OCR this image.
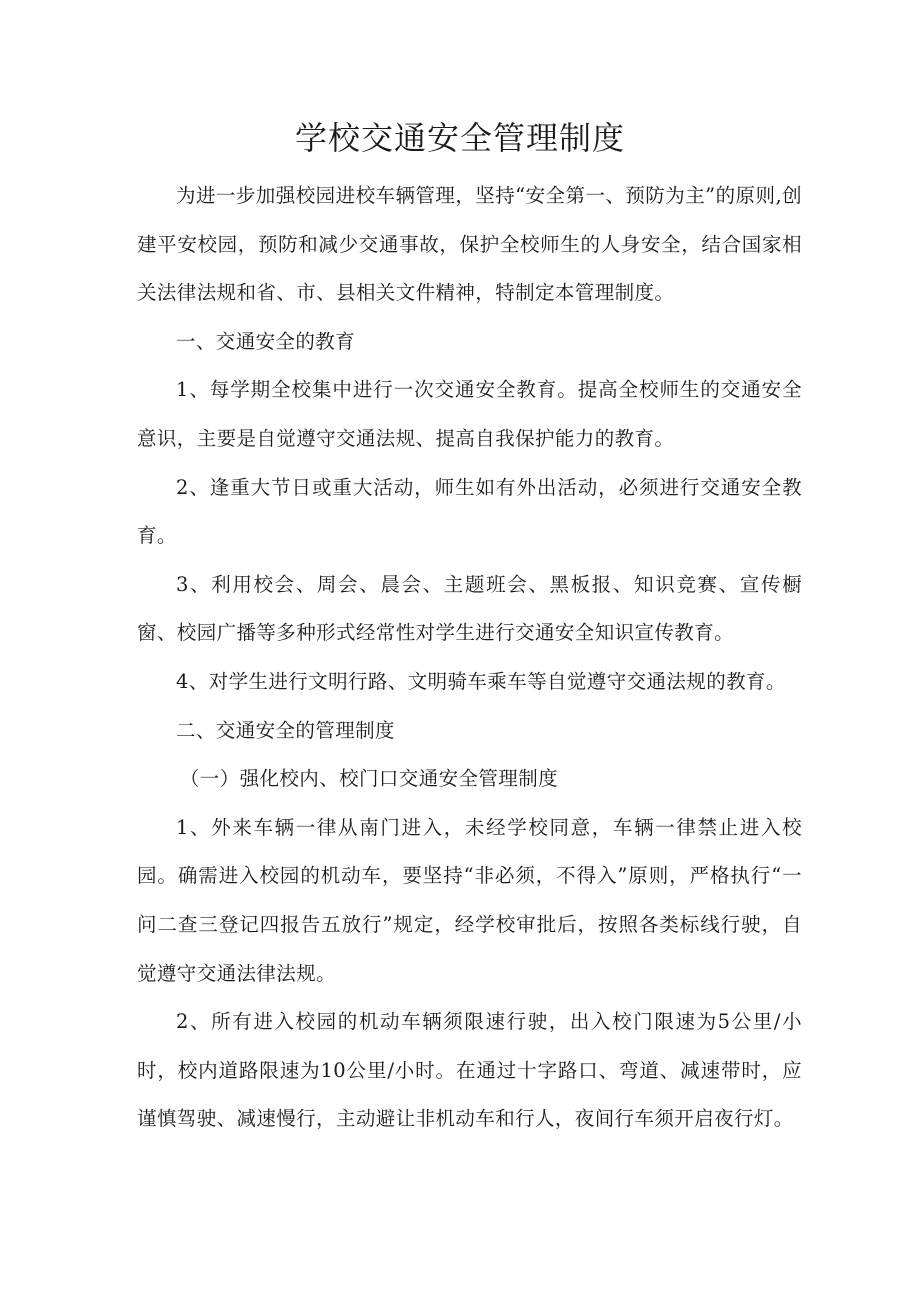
学校交通安全管理制度

为进一步加强校园进校车辆管理，坚持“安全第一、预防为主”的原则,创建平安校园，预防和减少交通事故，保护全校师生的人身安全，结合国家相关法律法规和省、市、县相关文件精神，特制定本管理制度。

一、交通安全的教育

1、每学期全校集中进行一次交通安全教育。提高全校师生的交通安全意识，主要是自觉遵守交通法规、提高自我保护能力的教育。

2、逢重大节日或重大活动，师生如有外出活动，必须进行交通安全教育。

3、利用校会、周会、晨会、主题班会、黑板报、知识竞赛、宣传橱窗、校园广播等多种形式经常性对学生进行交通安全知识宣传教育。

4、对学生进行文明行路、文明骑车乘车等自觉遵守交通法规的教育。

二、交通安全的管理制度

（一）强化校内、校门口交通安全管理制度

1、外来车辆一律从南门进入，未经学校同意，车辆一律禁止进入校园。确需进入校园的机动车，要坚持“非必须，不得入”原则，严格执行“一问二查三登记四报告五放行”规定，经学校审批后，按照各类标线行驶，自觉遵守交通法律法规。

2、所有进入校园的机动车辆须限速行驶，出入校门限速为5公里/小时，校内道路限速为10公里/小时。在通过十字路口、弯道、减速带时，应谨慎驾驶、减速慢行，主动避让非机动车和行人，夜间行车须开启夜行灯。
